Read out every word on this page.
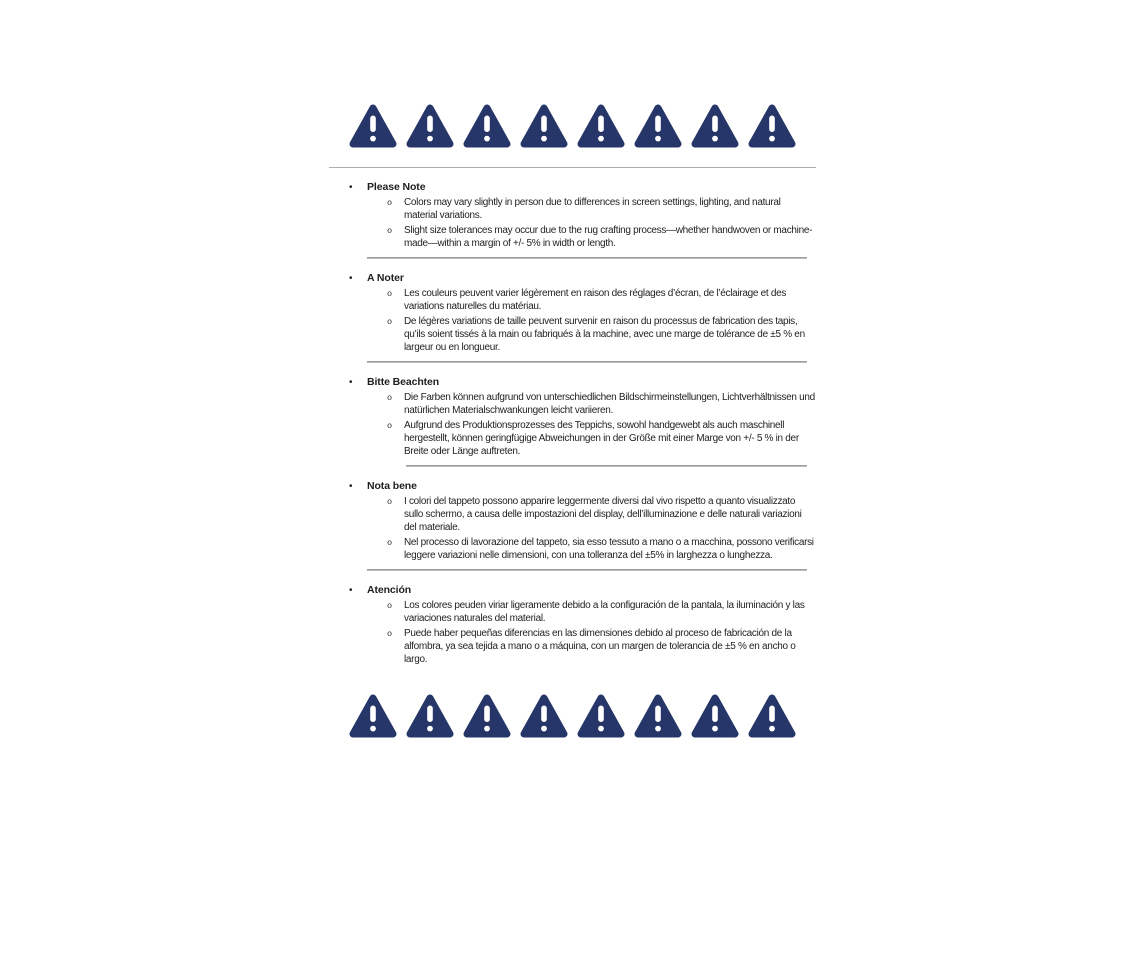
•	Please Note
o	Colors may vary slightly in person due to differences in screen settings, lighting, and natural material variations.

o	Slight size tolerances may occur due to the rug crafting process—whether handwoven or machine-made—within a margin of +/- 5% in width or length.

•	A Noter
o	Les couleurs peuvent varier légèrement en raison des réglages d’écran, de l’éclairage et des variations naturelles du matériau.

o	De légères variations de taille peuvent survenir en raison du processus de fabrication des tapis, qu’ils soient tissés à la main ou fabriqués à la machine, avec une marge de tolérance de ±5 % en largeur ou en longueur.

•	Bitte Beachten
o	Die Farben können aufgrund von unterschiedlichen Bildschirmeinstellungen, Lichtverhältnissen und natürlichen Materialschwankungen leicht variieren.

o	Aufgrund des Produktionsprozesses des Teppichs, sowohl handgewebt als auch maschinell hergestellt, können geringfügige Abweichungen in der Größe mit einer Marge von +/- 5 % in der Breite oder Länge auftreten.

•	Nota bene
o	I colori del tappeto possono apparire leggermente diversi dal vivo rispetto a quanto visualizzato sullo schermo, a causa delle impostazioni del display, dell’illuminazione e delle naturali variazioni del materiale.

o	Nel processo di lavorazione del tappeto, sia esso tessuto a mano o a macchina, possono verificarsi leggere variazioni nelle dimensioni, con una tolleranza del ±5% in larghezza o lunghezza.

•	Atención
o	Los colores peuden viriar ligeramente debido a la configuración de la pantala, la iluminación y las variaciones naturales del material.

o	Puede haber pequeñas diferencias en las dimensiones debido al proceso de fabricación de la alfombra, ya sea tejida a mano o a máquina, con un margen de tolerancia de ±5 % en ancho o largo.
